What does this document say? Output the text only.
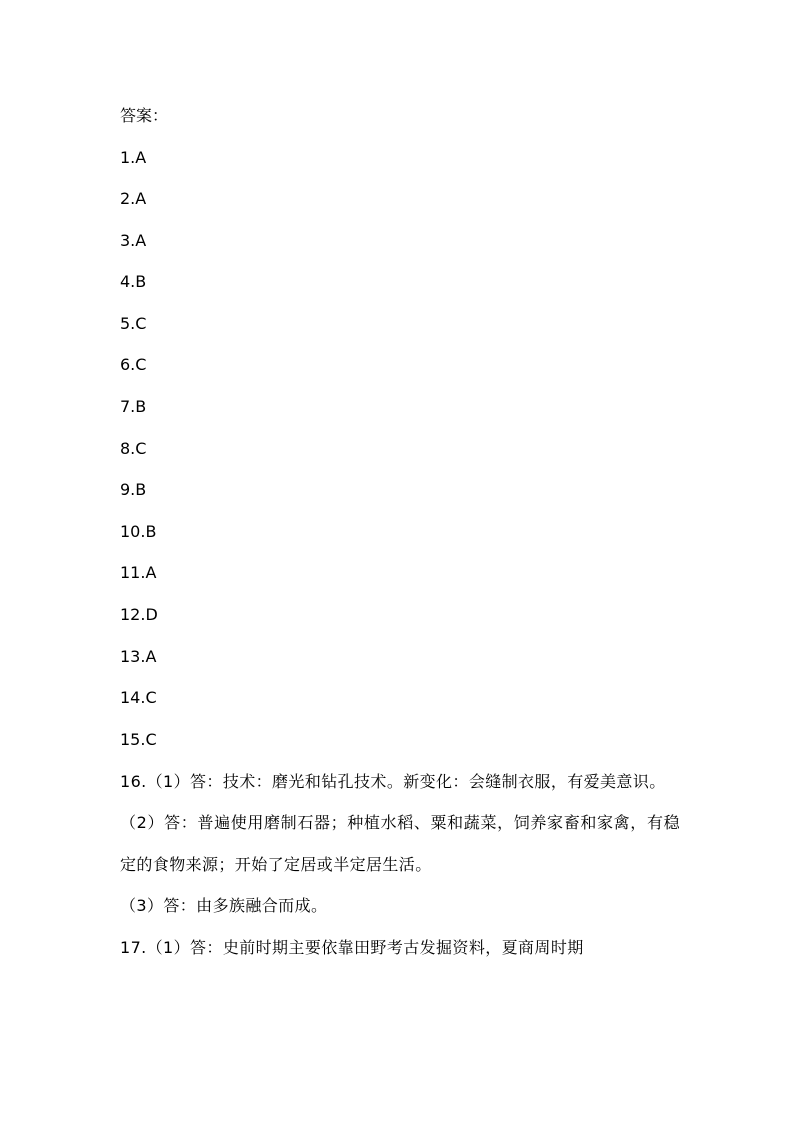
答案：

1.A

2.A

3.A

4.B

5.C

6.C

7.B

8.C

9.B

10.B

11.A

12.D

13.A

14.C

15.C

16.（1）答：技术：磨光和钻孔技术。新变化：会缝制衣服，有爱美意识。

（2）答：普遍使用磨制石器；种植水稻、粟和蔬菜，饲养家畜和家禽，有稳定的食物来源；开始了定居或半定居生活。

（3）答：由多族融合而成。

17.（1）答：史前时期主要依靠田野考古发掘资料，夏商周时期
